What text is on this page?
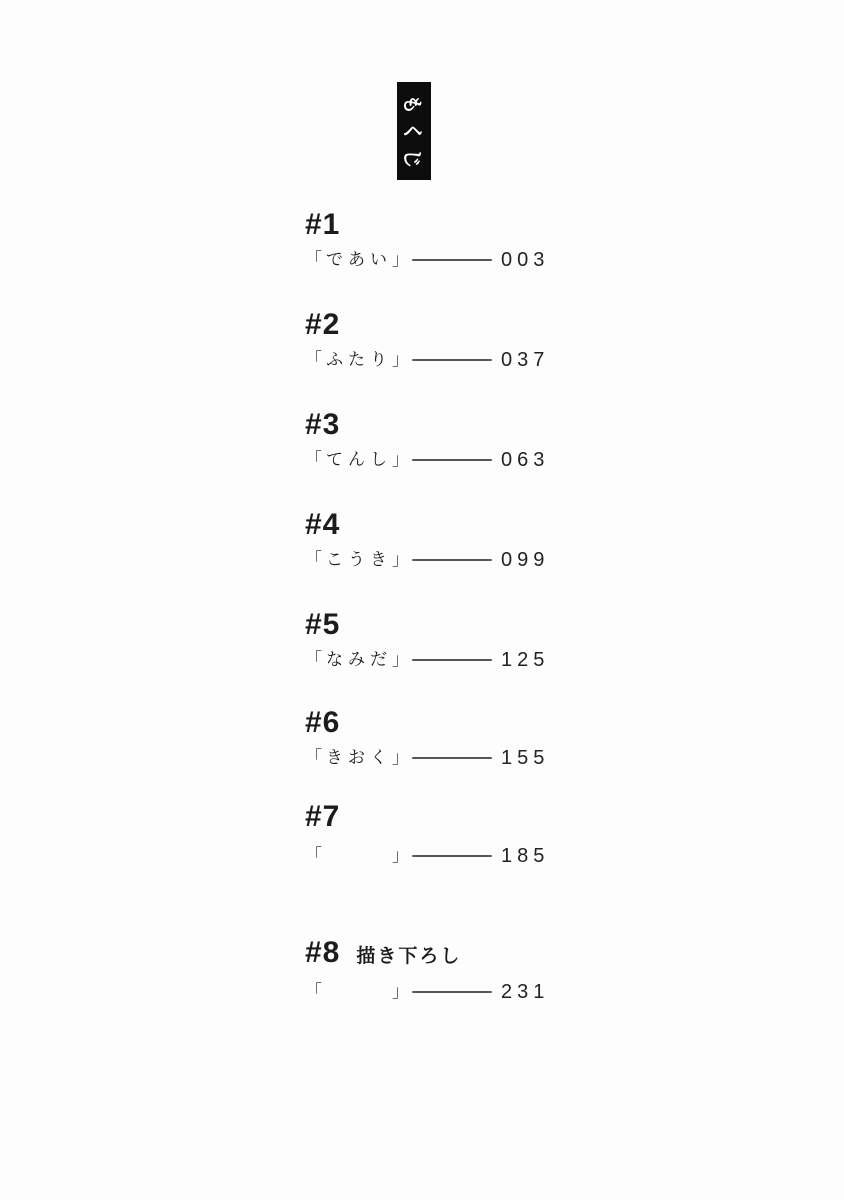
もくじ
#1
「 であい 」	003
#2
「 ふたり 」	037
#3
「 てんし 」	063
#4
「 こうき 」	099
#5
「 なみだ 」	125
#6
「 きおく 」	155
#7
「	」	185
#8 描き下ろし
「	」	231
